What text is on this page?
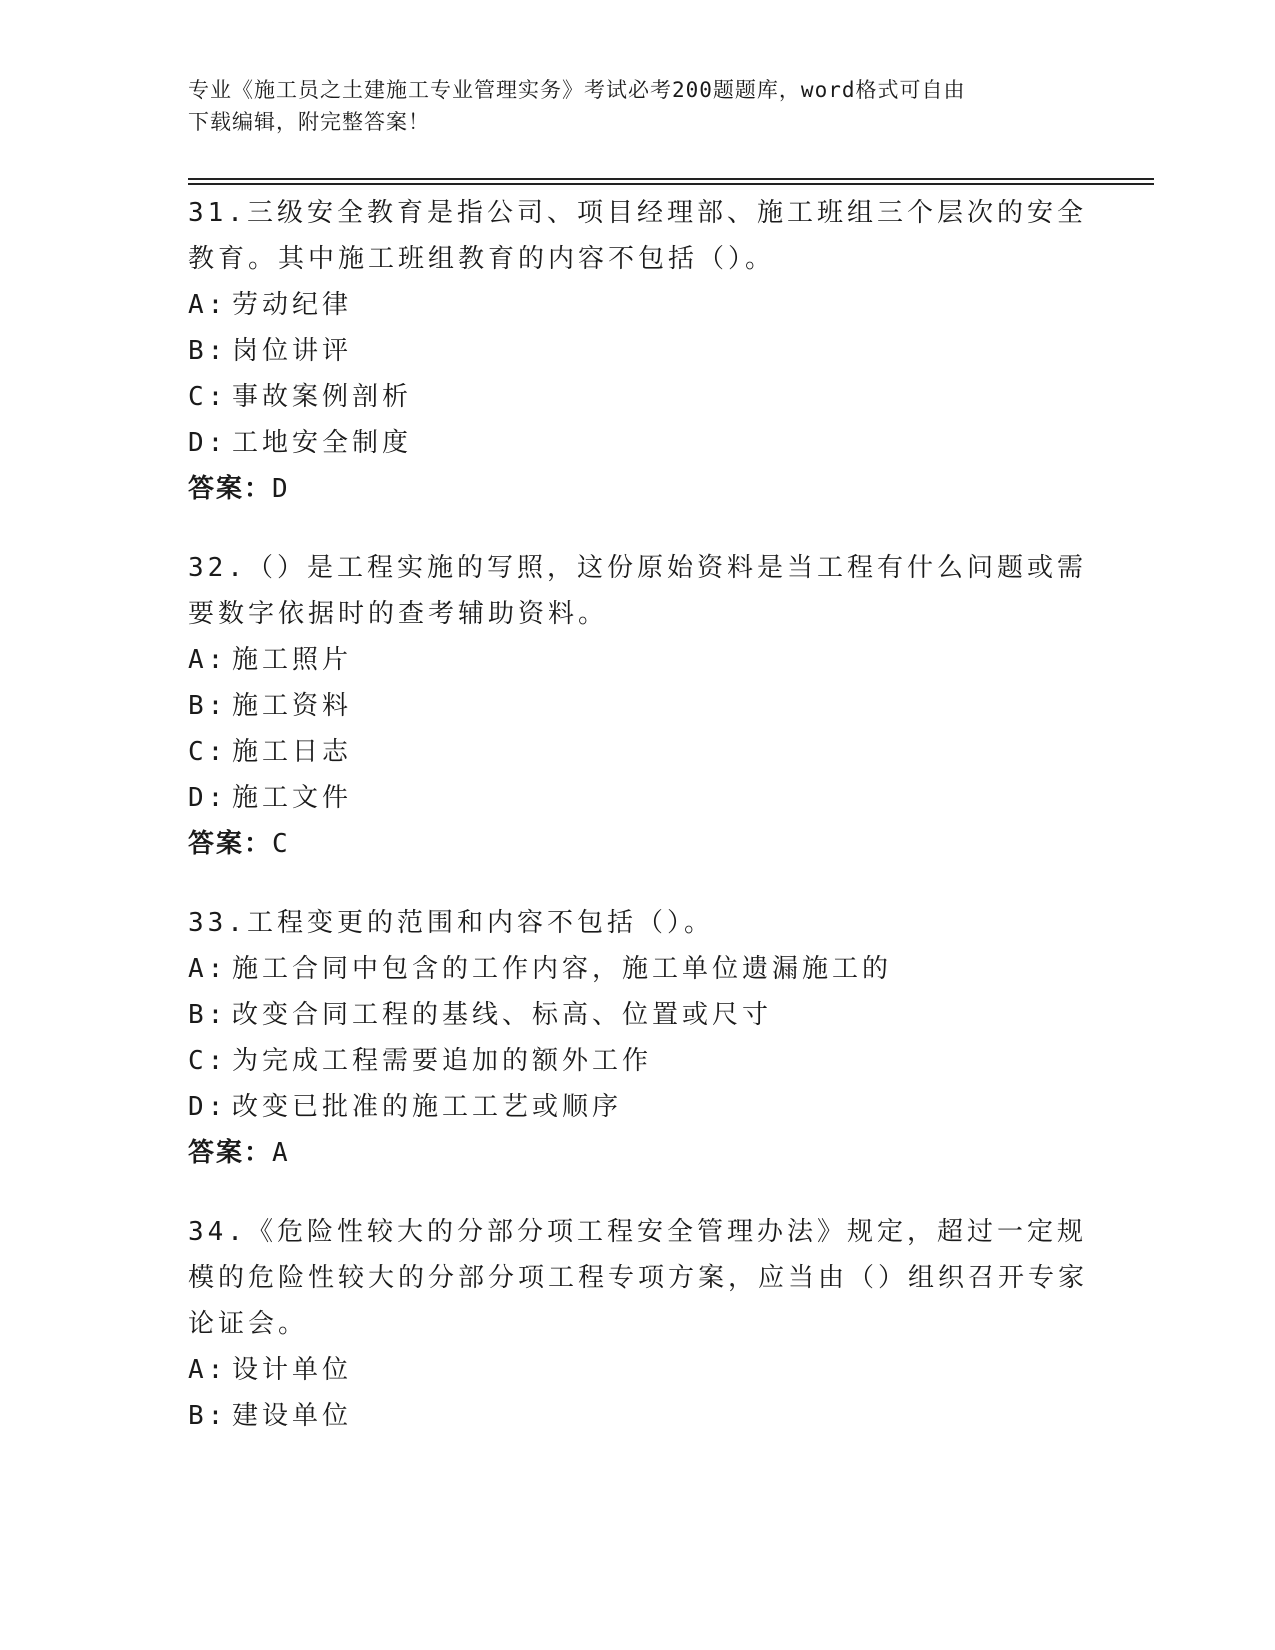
专业《施工员之土建施工专业管理实务》考试必考200题题库，word格式可自由
下载编辑，附完整答案！

31.三级安全教育是指公司、项目经理部、施工班组三个层次的安全教育。其中施工班组教育的内容不包括（）。

A: 劳动纪律

B: 岗位讲评

C: 事故案例剖析

D: 工地安全制度

答案：D

32.（）是工程实施的写照，这份原始资料是当工程有什么问题或需要数字依据时的查考辅助资料。

A: 施工照片

B: 施工资料

C: 施工日志

D: 施工文件

答案：C

33.工程变更的范围和内容不包括（）。

A: 施工合同中包含的工作内容，施工单位遗漏施工的

B: 改变合同工程的基线、标高、位置或尺寸

C: 为完成工程需要追加的额外工作

D: 改变已批准的施工工艺或顺序

答案：A

34.《危险性较大的分部分项工程安全管理办法》规定，超过一定规模的危险性较大的分部分项工程专项方案，应当由（）组织召开专家论证会。

A: 设计单位

B: 建设单位
